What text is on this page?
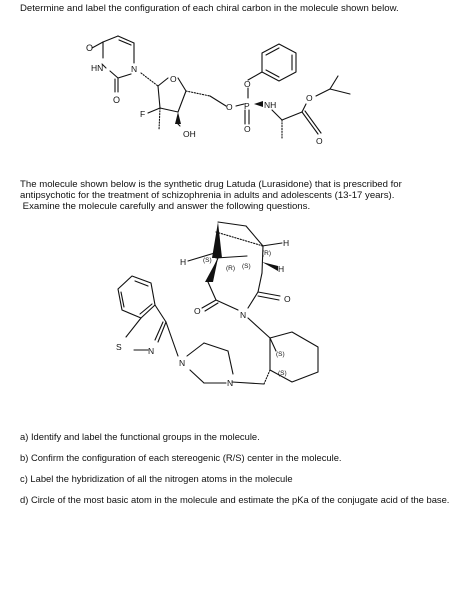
Determine and label the configuration of each chiral carbon in the molecule shown below.
The molecule shown below is the synthetic drug Latuda (Lurasidone) that is prescribed for
antipsychotic for the treatment of schizophrenia in adults and adolescents (13-17 years).
Examine the molecule carefully and answer the following questions.
a) Identify and label the functional groups in the molecule.
b) Confirm the configuration of each stereogenic (R/S) center in the molecule.
c) Label the hybridization of all the nitrogen atoms in the molecule
d) Circle of the most basic atom in the molecule and estimate the pKa of the conjugate acid of the base.
O
HN	N
O
O
F
OH
O P NH
O
O
O
O
H
H
H
(S)
(R)
(R) (S)
O
O
N
(S)
(S)
N
N
S	N
